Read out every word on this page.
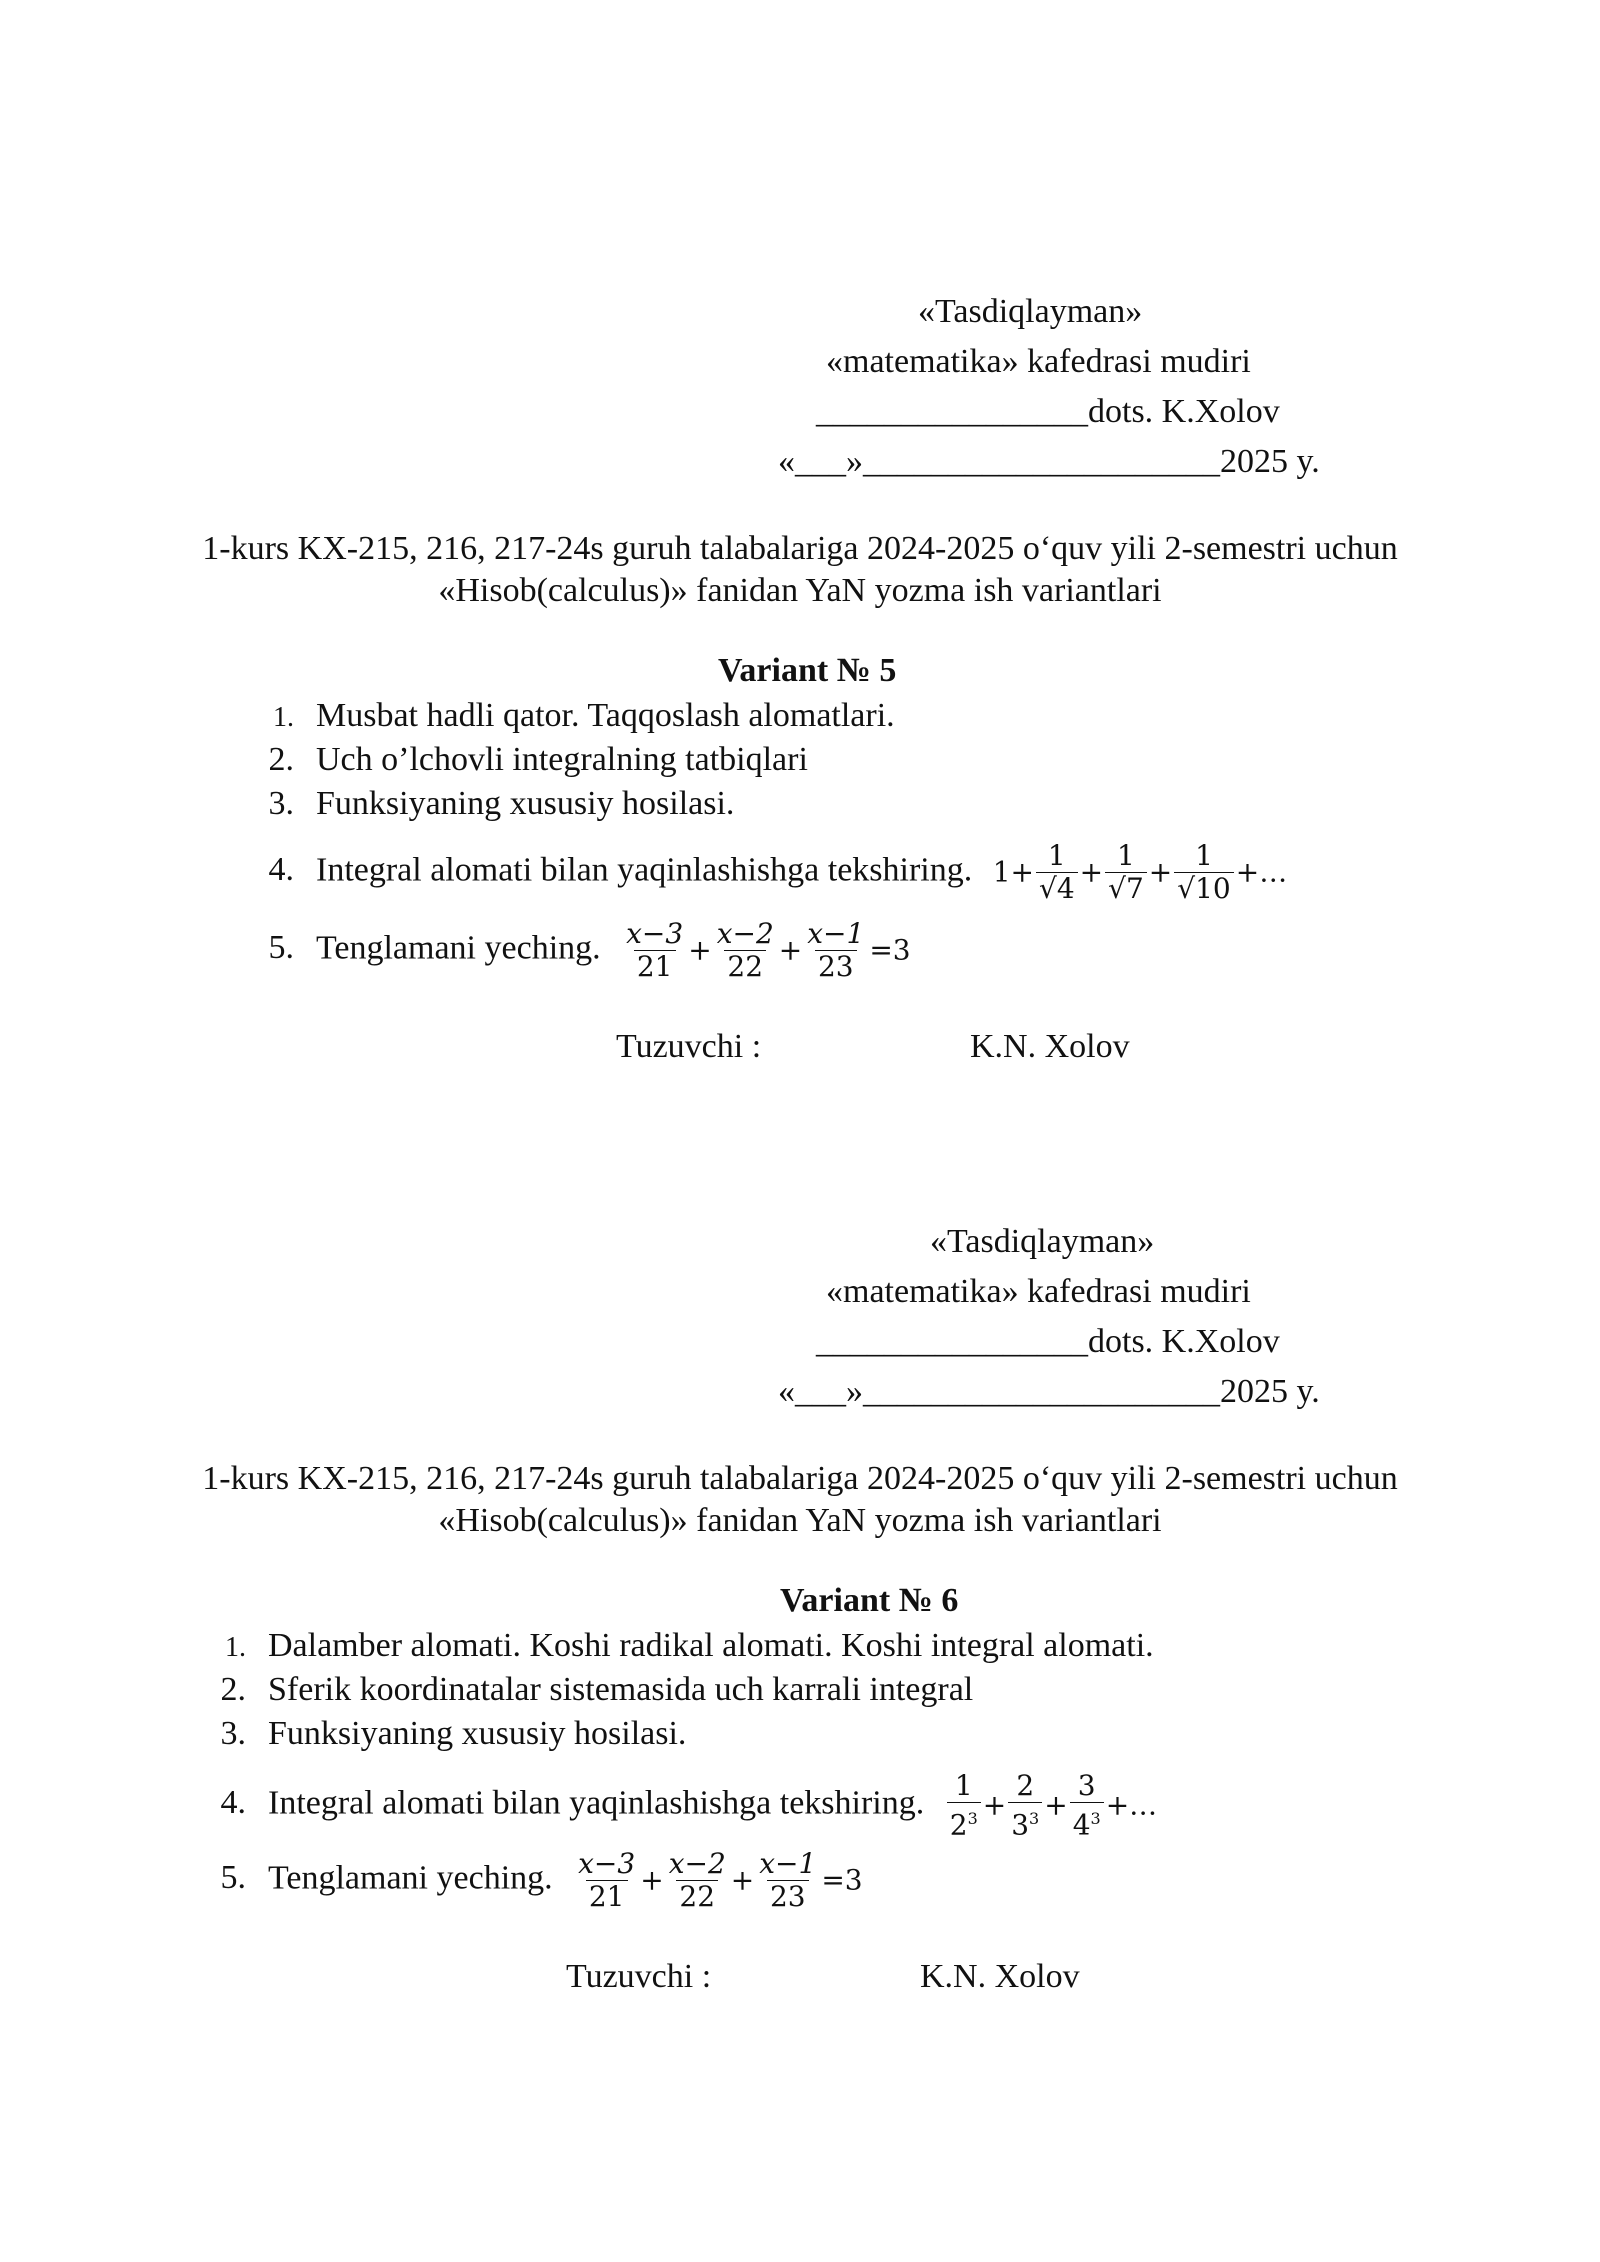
«Tasdiqlayman»
«matematika» kafedrasi mudiri
________________dots. K.Xolov
«___»_____________________2025 y.
1-kurs KX-215, 216, 217-24s guruh talabalariga 2024-2025 o‘quv yili 2-semestri uchun
«Hisob(calculus)» fanidan YaN yozma ish variantlari
Variant № 5
1. Musbat hadli qator. Taqqoslash alomatlari.
2. Uch o’lchovli integralning tatbiqlari
3. Funksiyaning xususiy hosilasi.
4. Integral alomati bilan yaqinlashishga tekshiring. $1+ \frac{1}{√4} + \frac{1}{√7} + \frac{1}{√10}$ +…
5. Tenglamani yeching. $\frac{x-3}{21} + \frac{x-2}{22} + \frac{x-1}{23} =3$
Tuzuvchi :	K.N. Xolov
«Tasdiqlayman»
«matematika» kafedrasi mudiri
________________dots. K.Xolov
«___»_____________________2025 y.
1-kurs KX-215, 216, 217-24s guruh talabalariga 2024-2025 o‘quv yili 2-semestri uchun
«Hisob(calculus)» fanidan YaN yozma ish variantlari
Variant № 6
1. Dalamber alomati. Koshi radikal alomati. Koshi integral alomati.
2. Sferik koordinatalar sistemasida uch karrali integral
3. Funksiyaning xususiy hosilasi.
4. Integral alomati bilan yaqinlashishga tekshiring. $\frac{1}{2^3} + \frac{2}{3^3} + \frac{3}{4^3}$ +…
5. Tenglamani yeching. $\frac{x-3}{21} + \frac{x-2}{22} + \frac{x-1}{23} =3$
Tuzuvchi :	K.N. Xolov
